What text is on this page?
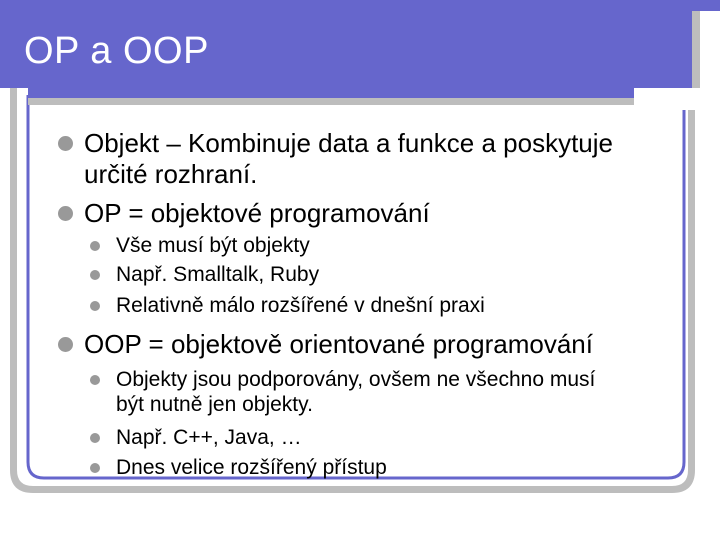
OP a OOP
Objekt – Kombinuje data a funkce a poskytuje
určité rozhraní.
OP = objektové programování
Vše musí být objekty
Např. Smalltalk, Ruby
Relativně málo rozšířené v dnešní praxi
OOP = objektově orientované programování
Objekty jsou podporovány, ovšem ne všechno musí
být nutně jen objekty.
Např. C++, Java, …
Dnes velice rozšířený přístup
